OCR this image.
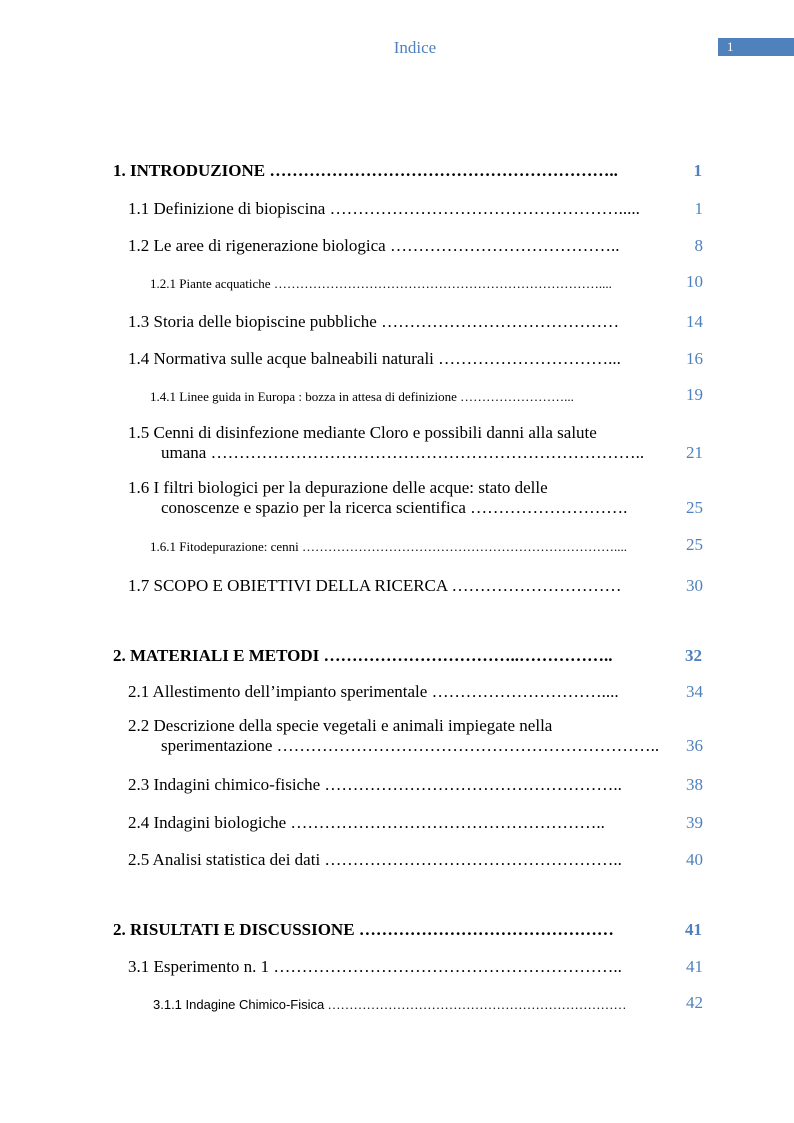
Indice	1
1. INTRODUZIONE ……………………………………………………..	1
1.1 Definizione di biopiscina …………………………………………….....	1
1.2 Le aree di rigenerazione biologica …………………………………..	8
1.2.1 Piante acquatiche …………………………………………………………………....	10
1.3 Storia delle biopiscine pubbliche ……………………………………	14
1.4 Normativa sulle acque balneabili naturali …………………………...	16
1.4.1 Linee guida in Europa : bozza in attesa di definizione ……………………...	19
1.5 Cenni di disinfezione mediante Cloro e possibili danni alla salute
umana …………………………………………………………………..	21
1.6 I filtri biologici per la depurazione delle acque: stato delle
conoscenze e spazio per la ricerca scientifica ……………………….	25
1.6.1 Fitodepurazione: cenni ………………………………………………………………....	25
1.7 SCOPO E OBIETTIVI DELLA RICERCA …………………………	30
2. MATERIALI E METODI ……………………………..……………..	32
2.1 Allestimento dell’impianto sperimentale …………………………....	34
2.2 Descrizione della specie vegetali e animali impiegate nella
sperimentazione …………………………………………………………..	36
2.3 Indagini chimico-fisiche ……………………………………………..	38
2.4 Indagini biologiche ………………………………………………..	39
2.5 Analisi statistica dei dati ……………………………………………..	40
2. RISULTATI E DISCUSSIONE ………………………………………	41
3.1 Esperimento n. 1 ……………………………………………………..	41
3.1.1 Indagine Chimico-Fisica ……………………………………………………………	42
